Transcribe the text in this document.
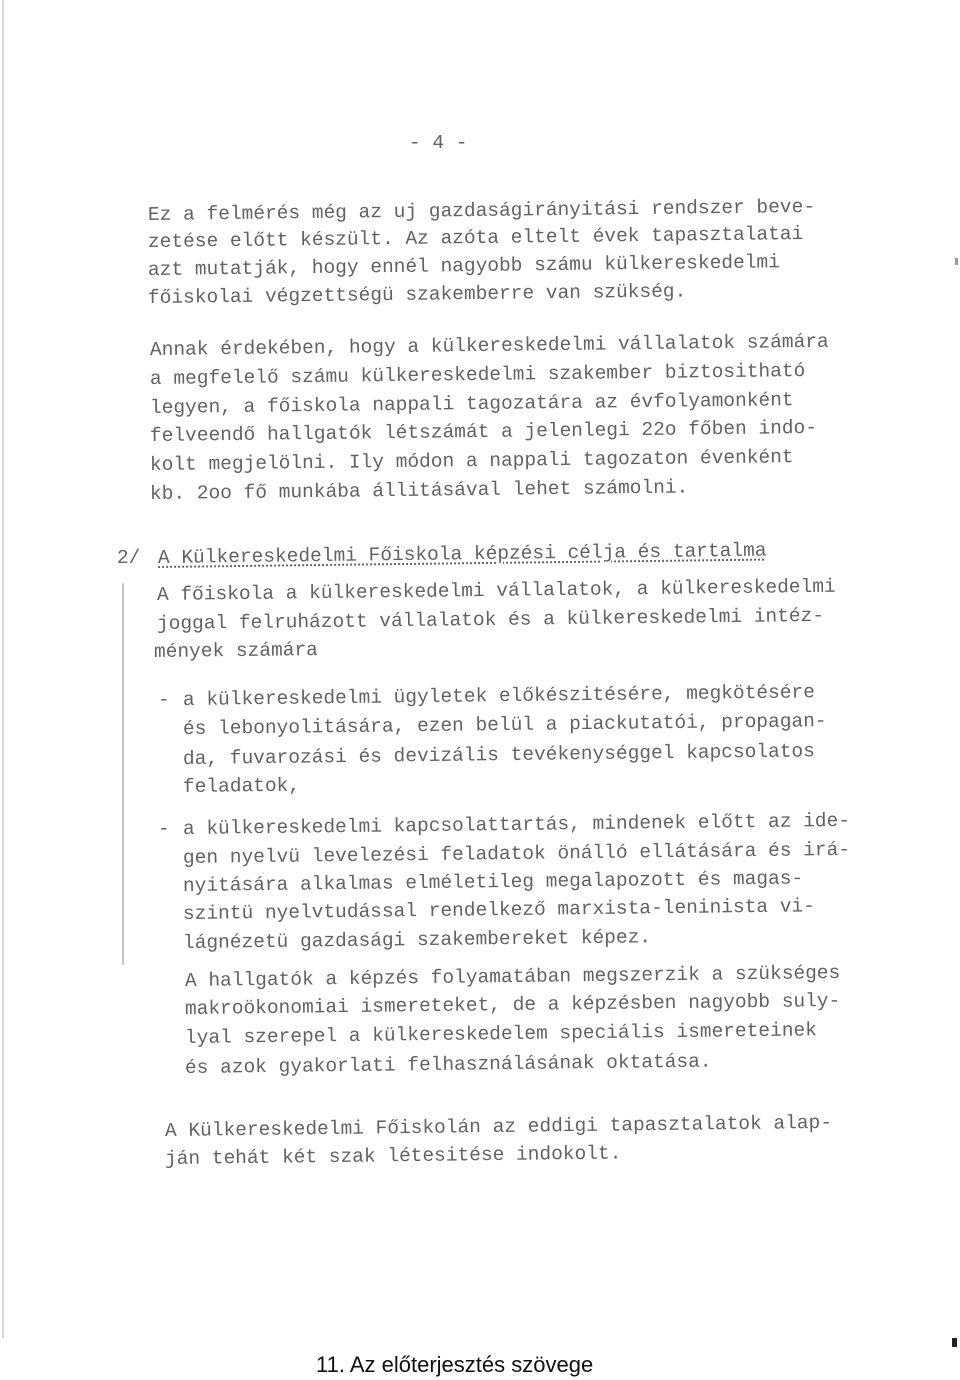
- 4 -
Ez a felmérés még az uj gazdaságirányitási rendszer beve-
zetése előtt készült. Az azóta eltelt évek tapasztalatai
azt mutatják, hogy ennél nagyobb számu külkereskedelmi
főiskolai végzettségü szakemberre van szükség.
Annak érdekében, hogy a külkereskedelmi vállalatok számára
a megfelelő számu külkereskedelmi szakember biztositható
legyen, a főiskola nappali tagozatára az évfolyamonként
felveendő hallgatók létszámát a jelenlegi 22o főben indo-
kolt megjelölni. Ily módon a nappali tagozaton évenként
kb. 2oo fő munkába állitásával lehet számolni.
2/ A Külkereskedelmi Főiskola képzési célja és tartalma
A főiskola a külkereskedelmi vállalatok, a külkereskedelmi
joggal felruházott vállalatok és a külkereskedelmi intéz-
mények számára
- a külkereskedelmi ügyletek előkészitésére, megkötésére
és lebonyolitására, ezen belül a piackutatói, propagan-
da, fuvarozási és devizális tevékenységgel kapcsolatos
feladatok,
- a külkereskedelmi kapcsolattartás, mindenek előtt az ide-
gen nyelvü levelezési feladatok önálló ellátására és irá-
nyitására alkalmas elméletileg megalapozott és magas-
szintü nyelvtudással rendelkező marxista-leninista vi-
lágnézetü gazdasági szakembereket képez.
A hallgatók a képzés folyamatában megszerzik a szükséges
makroökonomiai ismereteket, de a képzésben nagyobb suly-
lyal szerepel a külkereskedelem speciális ismereteinek
és azok gyakorlati felhasználásának oktatása.
A Külkereskedelmi Főiskolán az eddigi tapasztalatok alap-
ján tehát két szak létesitése indokolt.
11. Az előterjesztés szövege
